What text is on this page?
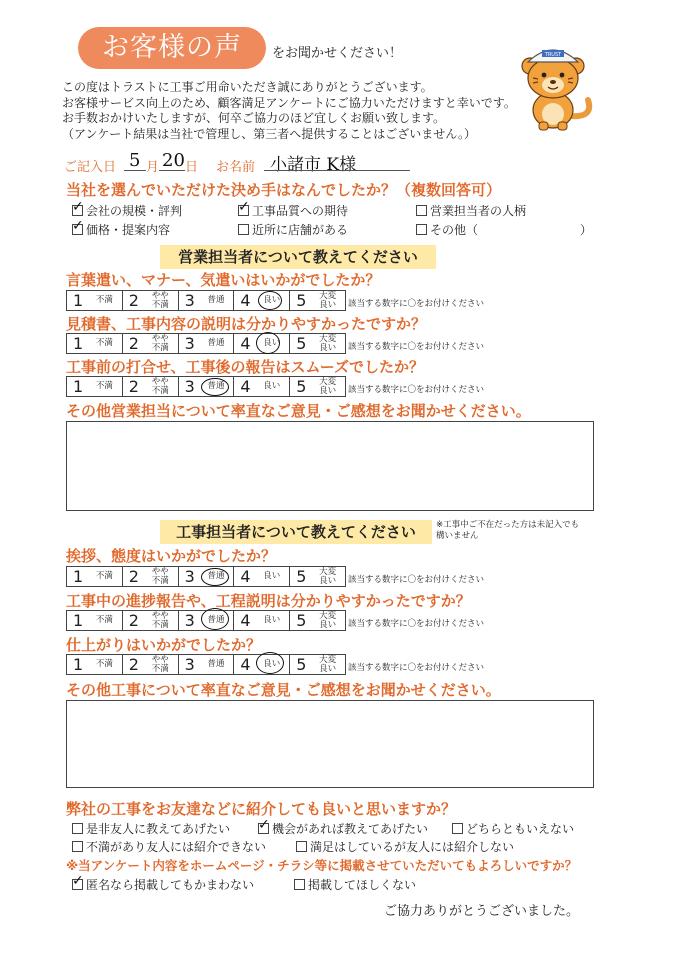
お客様の声	をお聞かせください！
この度はトラストに工事ご用命いただき誠にありがとうございます。
お客様サービス向上のため、顧客満足アンケートにご協力いただけますと幸いです。
お手数おかけいたしますが、何卒ご協力のほど宜しくお願い致します。
（アンケート結果は当社で管理し、第三者へ提供することはございません。）
TRUST
ご記入日 5 月 20 日 お名前 小諸市 K様
当社を選んでいただけた決め手はなんでしたか？（複数回答可）
✓会社の規模・評判 ✓	工事品質への期待	営業担当者の人柄
✓価格・提案内容	近所に店舗がある	その他（	）
営業担当者について教えてください
言葉遣い、マナー、気遣いはいかがでしたか？
1	不満 2	やや
不満 3	普通 4	良い 5	大変
良い	該当する数字に〇をお付けください
見積書、工事内容の説明は分かりやすかったですか？
1	不満 2	やや
不満 3	普通 4	良い 5	大変
良い	該当する数字に〇をお付けください
工事前の打合せ、工事後の報告はスムーズでしたか？
1	不満 2	やや
不満 3	普通 4	良い 5	大変
良い	該当する数字に〇をお付けください
その他営業担当について率直なご意見・ご感想をお聞かせください。
工事担当者について教えてください	※工事中ご不在だった方は未記入でも
構いません
挨拶、態度はいかがでしたか？
1	不満 2	やや
不満 3	普通 4	良い 5	大変
良い	該当する数字に〇をお付けください
工事中の進捗報告や、工程説明は分かりやすかったですか？
1	不満 2	やや
不満 3	普通 4	良い 5	大変
良い	該当する数字に〇をお付けください
仕上がりはいかがでしたか？
1	不満 2	やや
不満 3	普通 4	良い 5	大変
良い	該当する数字に〇をお付けください
その他工事について率直なご意見・ご感想をお聞かせください。
弊社の工事をお友達などに紹介しても良いと思いますか？
是非友人に教えてあげたい ✓	機会があれば教えてあげたい	どちらともいえない
不満があり友人には紹介できない	満足はしているが友人には紹介しない
※当アンケート内容をホームページ・チラシ等に掲載させていただいてもよろしいですか？
✓匿名なら掲載してもかまわない	掲載してほしくない
ご協力ありがとうございました。
